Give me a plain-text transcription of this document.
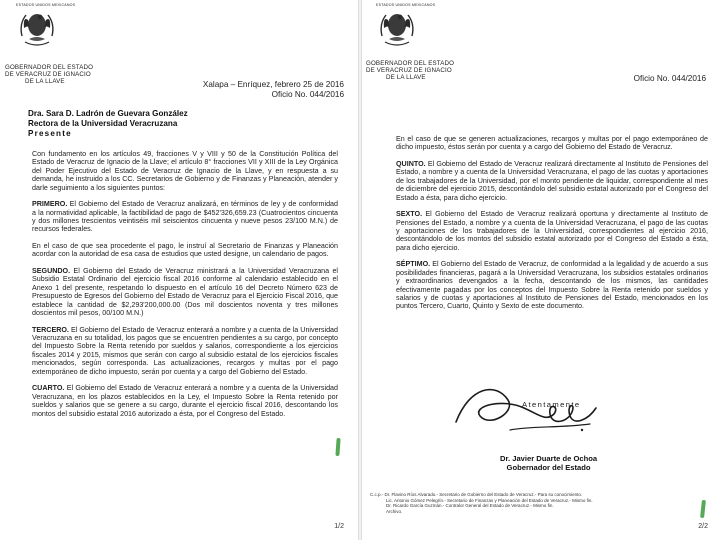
ESTADOS UNIDOS MEXICANOS
GOBERNADOR DEL ESTADO
DE VERACRUZ DE IGNACIO
DE LA LLAVE	Xalapa – Enríquez, febrero 25 de 2016
Oficio No. 044/2016
Dra. Sara D. Ladrón de Guevara González
Rectora de la Universidad Veracruzana
Presente

Con fundamento en los artículos 49, fracciones V y VIII y 50 de la Constitución Política del Estado de Veracruz de Ignacio de la Llave; el artículo 8° fracciones VII y XIII de la Ley Orgánica del Poder Ejecutivo del Estado de Veracruz de Ignacio de la Llave, y en respuesta a su demanda, he instruido a los CC. Secretarios de Gobierno y de Finanzas y Planeación, atender y darle seguimiento a los siguientes puntos:

PRIMERO. El Gobierno del Estado de Veracruz analizará, en términos de ley y de conformidad a la normatividad aplicable, la factibilidad de pago de $452'326,659.23 (Cuatrocientos cincuenta y dos millones trescientos veintiséis mil seiscientos cincuenta y nueve pesos 23/100 M.N.) de recursos federales.

En el caso de que sea procedente el pago, le instruí al Secretario de Finanzas y Planeación acordar con la autoridad de esa casa de estudios que usted designe, un calendario de pagos.

SEGUNDO. El Gobierno del Estado de Veracruz ministrará a la Universidad Veracruzana el Subsidio Estatal Ordinario del ejercicio fiscal 2016 conforme al calendario establecido en el Anexo 1 del presente, respetando lo dispuesto en el artículo 16 del Decreto Número 623 de Presupuesto de Egresos del Gobierno del Estado de Veracruz para el Ejercicio Fiscal 2016, que establece la cantidad de $2,293'200,000.00 (Dos mil doscientos noventa y tres millones doscientos mil pesos, 00/100 M.N.)

TERCERO. El Gobierno del Estado de Veracruz enterará a nombre y a cuenta de la Universidad Veracruzana en su totalidad, los pagos que se encuentren pendientes a su cargo, por concepto del Impuesto Sobre la Renta retenido por sueldos y salarios, correspondiente a los ejercicios fiscales 2014 y 2015, mismos que serán con cargo al subsidio estatal de los ejercicios fiscales mencionados, según corresponda. Las actualizaciones, recargos y multas por el pago extemporáneo de dicho impuesto, serán por cuenta y a cargo del Gobierno del Estado.

CUARTO. El Gobierno del Estado de Veracruz enterará a nombre y a cuenta de la Universidad Veracruzana, en los plazos establecidos en la Ley, el Impuesto Sobre la Renta retenido por sueldos y salarios que se genere a su cargo, durante el ejercicio fiscal 2016, descontando los montos del subsidio estatal 2016 autorizado a ésta, por el Congreso del Estado.

1/2
ESTADOS UNIDOS MEXICANOS
GOBERNADOR DEL ESTADO
DE VERACRUZ DE IGNACIO
DE LA LLAVE	Oficio No. 044/2016

En el caso de que se generen actualizaciones, recargos y multas por el pago extemporáneo de dicho impuesto, éstos serán por cuenta y a cargo del Gobierno del Estado de Veracruz.

QUINTO. El Gobierno del Estado de Veracruz realizará directamente al Instituto de Pensiones del Estado, a nombre y a cuenta de la Universidad Veracruzana, el pago de las cuotas y aportaciones de los trabajadores de la Universidad, por el monto pendiente de liquidar, correspondiente al mes de diciembre del ejercicio 2015, descontándolo del subsidio estatal autorizado por el Congreso del Estado a ésta, para dicho ejercicio.

SEXTO. El Gobierno del Estado de Veracruz realizará oportuna y directamente al Instituto de Pensiones del Estado, a nombre y a cuenta de la Universidad Veracruzana, el pago de las cuotas y aportaciones de los trabajadores de la Universidad, correspondientes al ejercicio 2016, descontándolo de los montos del subsidio estatal autorizado por el Congreso del Estado a ésta, para dicho ejercicio.

SÉPTIMO. El Gobierno del Estado de Veracruz, de conformidad a la legalidad y de acuerdo a sus posibilidades financieras, pagará a la Universidad Veracruzana, los subsidios estatales ordinarios y extraordinarios devengados a la fecha, descontando de los mismos, las cantidades efectivamente pagadas por los conceptos del Impuesto Sobre la Renta retenido por sueldos y salarios y de cuotas y aportaciones al Instituto de Pensiones del Estado, mencionados en los puntos Tercero, Cuarto, Quinto y Sexto de este documento.

Atentamente
Dr. Javier Duarte de Ochoa
Gobernador del Estado
C.c.p.- Dr. Flavino Ríos Alvarado.- Secretario de Gobierno del Estado de Veracruz.- Para su conocimiento.
Lic. Antonio Gómez Pelegrín.- Secretario de Finanzas y Planeación del Estado de Veracruz.- Mismo fin.
Dr. Ricardo García Guzmán.- Contralor General del Estado de Veracruz.- Mismo fin.
Archivo.
2/2
